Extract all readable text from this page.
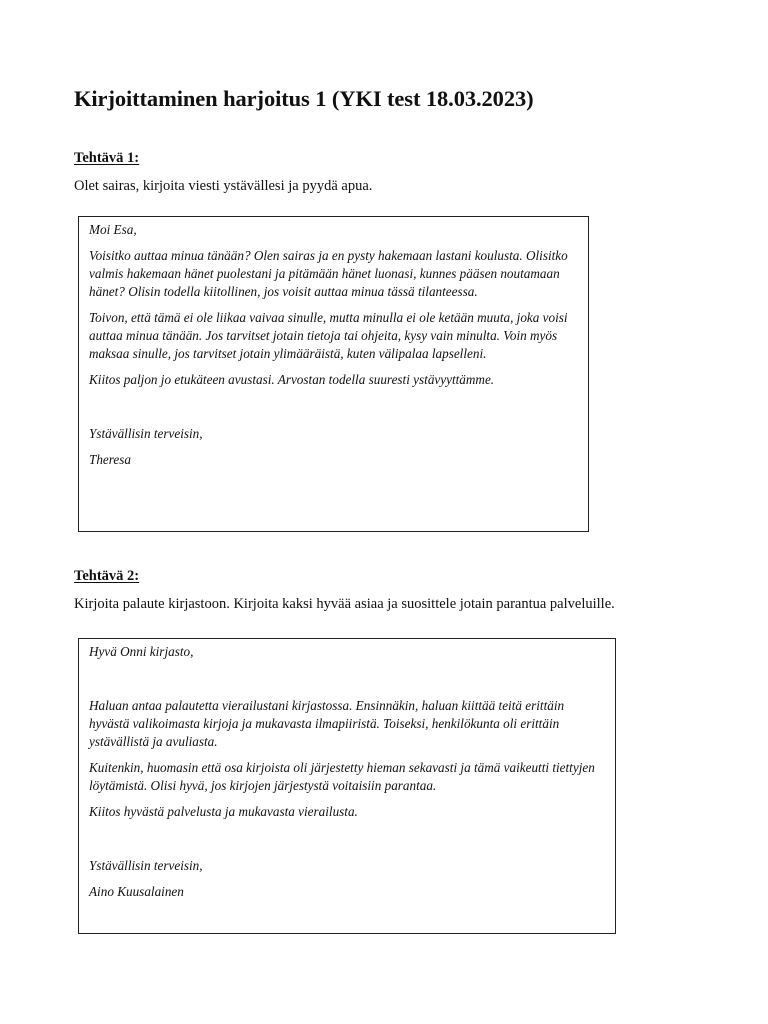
Kirjoittaminen harjoitus 1 (YKI test 18.03.2023)
Tehtävä 1:

Olet sairas, kirjoita viesti ystävällesi ja pyydä apua.

Moi Esa,

Voisitko auttaa minua tänään? Olen sairas ja en pysty hakemaan lastani koulusta. Olisitko valmis hakemaan hänet puolestani ja pitämään hänet luonasi, kunnes pääsen noutamaan hänet? Olisin todella kiitollinen, jos voisit auttaa minua tässä tilanteessa.

Toivon, että tämä ei ole liikaa vaivaa sinulle, mutta minulla ei ole ketään muuta, joka voisi auttaa minua tänään. Jos tarvitset jotain tietoja tai ohjeita, kysy vain minulta. Voin myös maksaa sinulle, jos tarvitset jotain ylimääräistä, kuten välipalaa lapselleni.

Kiitos paljon jo etukäteen avustasi. Arvostan todella suuresti ystävyyttämme.

Ystävällisin terveisin,

Theresa

Tehtävä 2:

Kirjoita palaute kirjastoon. Kirjoita kaksi hyvää asiaa ja suosittele jotain parantua palveluille.

Hyvä Onni kirjasto,

Haluan antaa palautetta vierailustani kirjastossa. Ensinnäkin, haluan kiittää teitä erittäin hyvästä valikoimasta kirjoja ja mukavasta ilmapiiristä. Toiseksi, henkilökunta oli erittäin ystävällistä ja avuliasta.

Kuitenkin, huomasin että osa kirjoista oli järjestetty hieman sekavasti ja tämä vaikeutti tiettyjen löytämistä. Olisi hyvä, jos kirjojen järjestystä voitaisiin parantaa.

Kiitos hyvästä palvelusta ja mukavasta vierailusta.

Ystävällisin terveisin,

Aino Kuusalainen
